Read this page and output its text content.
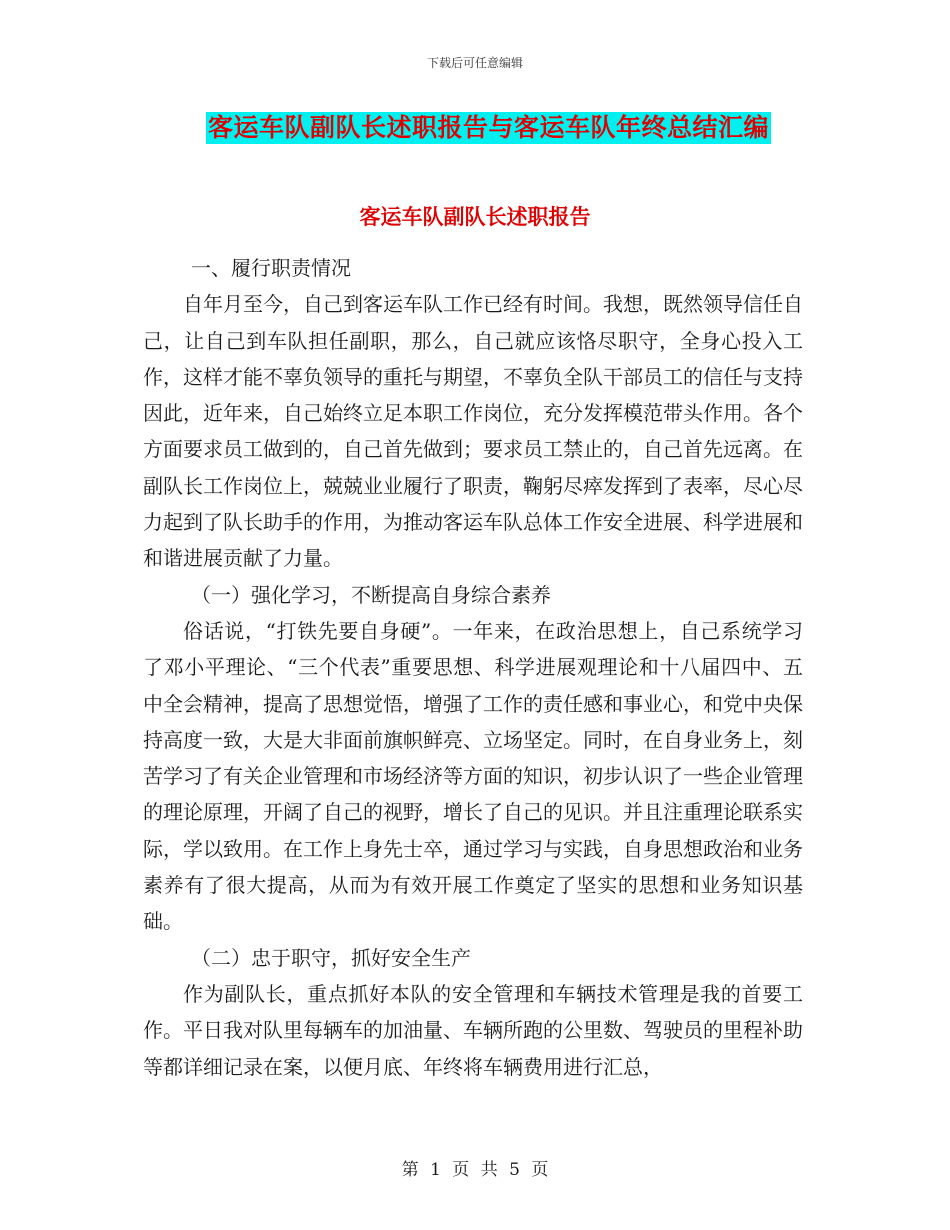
下载后可任意编辑
客运车队副队长述职报告与客运车队年终总结汇编
客运车队副队长述职报告

一、履行职责情况

自年月至今，自己到客运车队工作已经有时间。我想，既然领导信任自己，让自己到车队担任副职，那么，自己就应该恪尽职守，全身心投入工作，这样才能不辜负领导的重托与期望，不辜负全队干部员工的信任与支持因此，近年来，自己始终立足本职工作岗位，充分发挥模范带头作用。各个方面要求员工做到的，自己首先做到；要求员工禁止的，自己首先远离。在副队长工作岗位上，兢兢业业履行了职责，鞠躬尽瘁发挥到了表率，尽心尽力起到了队长助手的作用，为推动客运车队总体工作安全进展、科学进展和和谐进展贡献了力量。

（一）强化学习，不断提高自身综合素养

俗话说，“打铁先要自身硬”。一年来，在政治思想上，自己系统学习了邓小平理论、“三个代表”重要思想、科学进展观理论和十八届四中、五中全会精神，提高了思想觉悟，增强了工作的责任感和事业心，和党中央保持高度一致，大是大非面前旗帜鲜亮、立场坚定。同时，在自身业务上，刻苦学习了有关企业管理和市场经济等方面的知识，初步认识了一些企业管理的理论原理，开阔了自己的视野，增长了自己的见识。并且注重理论联系实际，学以致用。在工作上身先士卒，通过学习与实践，自身思想政治和业务素养有了很大提高，从而为有效开展工作奠定了坚实的思想和业务知识基础。

（二）忠于职守，抓好安全生产

作为副队长，重点抓好本队的安全管理和车辆技术管理是我的首要工作。平日我对队里每辆车的加油量、车辆所跑的公里数、驾驶员的里程补助等都详细记录在案，以便月底、年终将车辆费用进行汇总，

第 1 页 共 5 页
